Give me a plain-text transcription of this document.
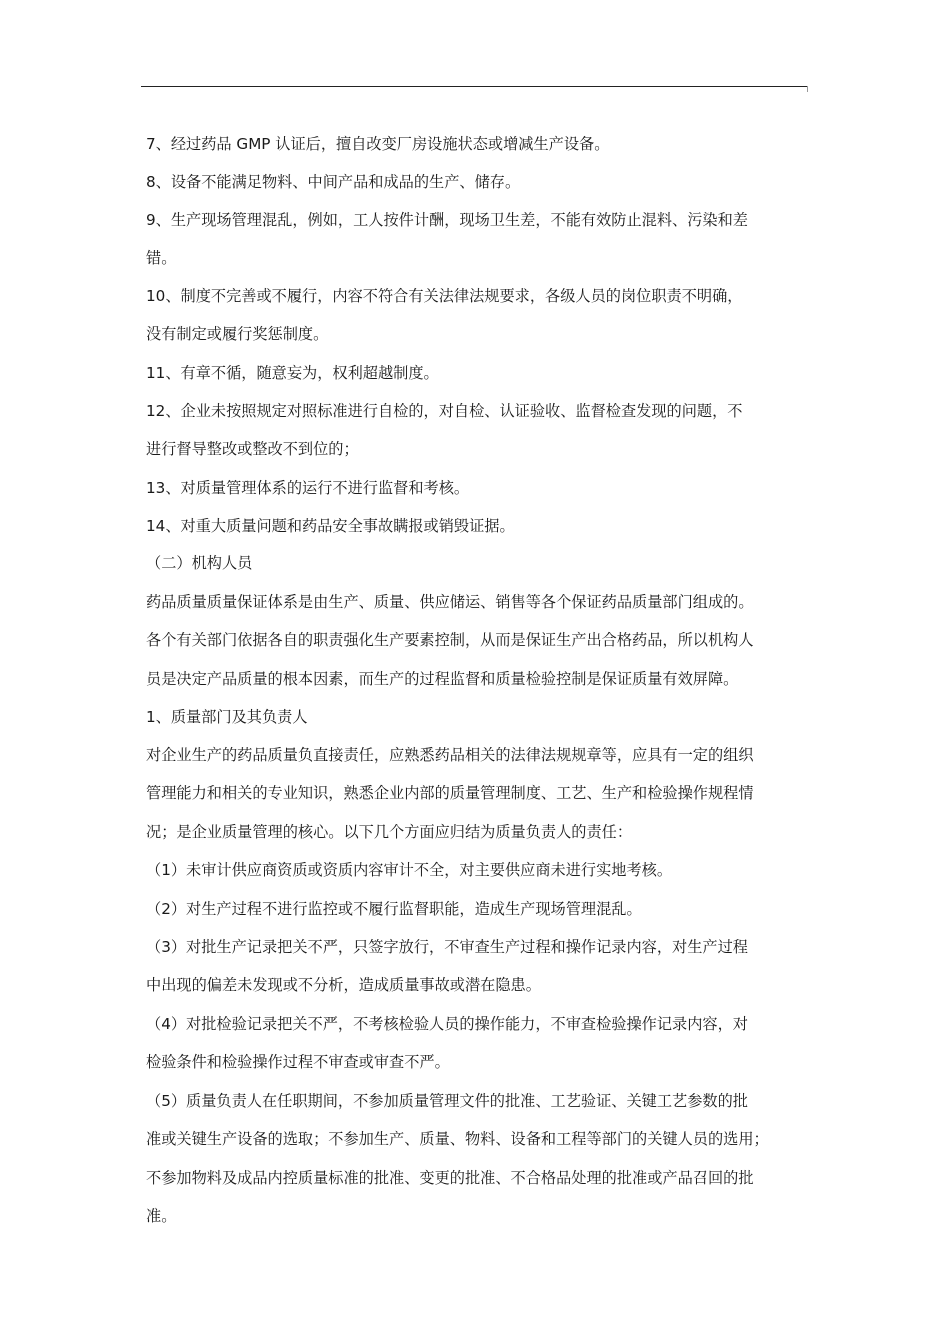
7、经过药品 GMP 认证后，擅自改变厂房设施状态或增减生产设备。
8、设备不能满足物料、中间产品和成品的生产、储存。
9、生产现场管理混乱，例如，工人按件计酬，现场卫生差，不能有效防止混料、污染和差
错。
10、制度不完善或不履行，内容不符合有关法律法规要求，各级人员的岗位职责不明确，
没有制定或履行奖惩制度。
11、有章不循，随意妄为，权利超越制度。
12、企业未按照规定对照标准进行自检的，对自检、认证验收、监督检查发现的问题，不
进行督导整改或整改不到位的；
13、对质量管理体系的运行不进行监督和考核。
14、对重大质量问题和药品安全事故瞒报或销毁证据。
（二）机构人员
药品质量质量保证体系是由生产、质量、供应储运、销售等各个保证药品质量部门组成的。
各个有关部门依据各自的职责强化生产要素控制，从而是保证生产出合格药品，所以机构人
员是决定产品质量的根本因素，而生产的过程监督和质量检验控制是保证质量有效屏障。
1、质量部门及其负责人
对企业生产的药品质量负直接责任，应熟悉药品相关的法律法规规章等，应具有一定的组织
管理能力和相关的专业知识，熟悉企业内部的质量管理制度、工艺、生产和检验操作规程情
况；是企业质量管理的核心。以下几个方面应归结为质量负责人的责任：
（1）未审计供应商资质或资质内容审计不全，对主要供应商未进行实地考核。
（2）对生产过程不进行监控或不履行监督职能，造成生产现场管理混乱。
（3）对批生产记录把关不严，只签字放行，不审查生产过程和操作记录内容，对生产过程
中出现的偏差未发现或不分析，造成质量事故或潜在隐患。
（4）对批检验记录把关不严，不考核检验人员的操作能力，不审查检验操作记录内容，对
检验条件和检验操作过程不审查或审查不严。
（5）质量负责人在任职期间，不参加质量管理文件的批准、工艺验证、关键工艺参数的批
准或关键生产设备的选取；不参加生产、质量、物料、设备和工程等部门的关键人员的选用；
不参加物料及成品内控质量标准的批准、变更的批准、不合格品处理的批准或产品召回的批
准。
